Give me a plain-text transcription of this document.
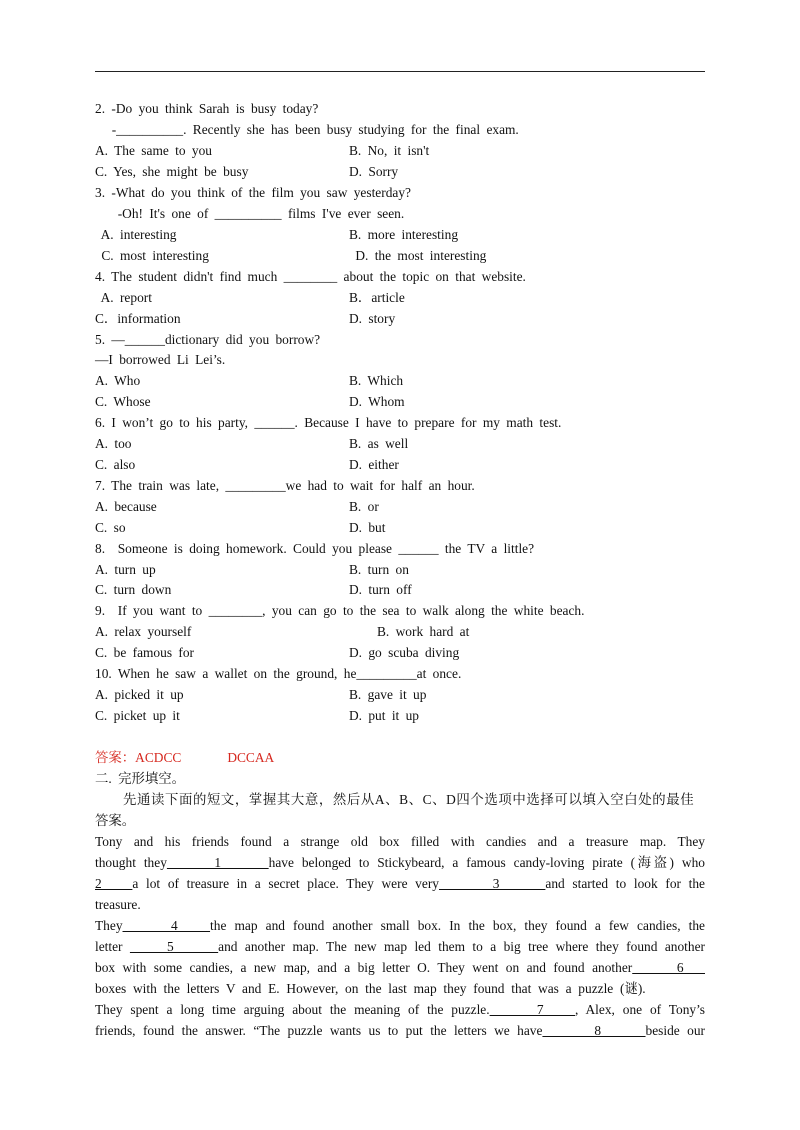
2. -Do you think Sarah is busy today?
-__________. Recently she has been busy studying for the final exam.
A. The same to you	B. No, it isn't
C. Yes, she might be busy	D. Sorry
3. -What do you think of the film you saw yesterday?
-Oh! It's one of __________ films I've ever seen.
A. interesting	B. more interesting
C. most interesting	D. the most interesting
4. The student didn't find much ________ about the topic on that website.
A. report	B．article
C．information	D. story
5. —______dictionary did you borrow?
—I borrowed Li Lei’s.
A. Who	B. Which
C. Whose	D. Whom
6. I won’t go to his party, ______. Because I have to prepare for my math test.
A. too	B. as well
C. also	D. either
7. The train was late, _________we had to wait for half an hour.
A. because	B. or
C. so	D. but
8.  Someone is doing homework. Could you please ______ the TV a little?
A. turn up	B. turn on
C. turn down	D. turn off
9.  If you want to ________, you can go to the sea to walk along the white beach.
A. relax yourself	B. work hard at
C. be famous for	D. go scuba diving
10. When he saw a wallet on the ground, he_________at once.
A. picked it up	B. gave it up
C. picket up it	D. put it up
答案：ACDCC	DCCAA
二. 完形填空。
先通读下面的短文，掌握其大意，然后从A、B、C、D四个选项中选择可以填入空白处的最佳
答案。
Tony and his friends found a strange old box filled with candies and a treasure map. They
thought they      1      have belonged to Stickybeard, a famous candy-loving pirate (海盗) who
2    a lot of treasure in a secret place. They were very       3      and started to look for the
treasure.
They      4    the map and found another small box. In the box, they found a few candies, the
letter      5      and another map. The new map led them to a big tree where they found another
box with some candies, a new map, and a big letter O. They went on and found another      6
boxes with the letters V and E. However, on the last map they found that was a puzzle (谜).
They spent a long time arguing about the meaning of the puzzle.      7    , Alex, one of Tony’s
friends, found the answer. “The puzzle wants us to put the letters we have       8      beside our
